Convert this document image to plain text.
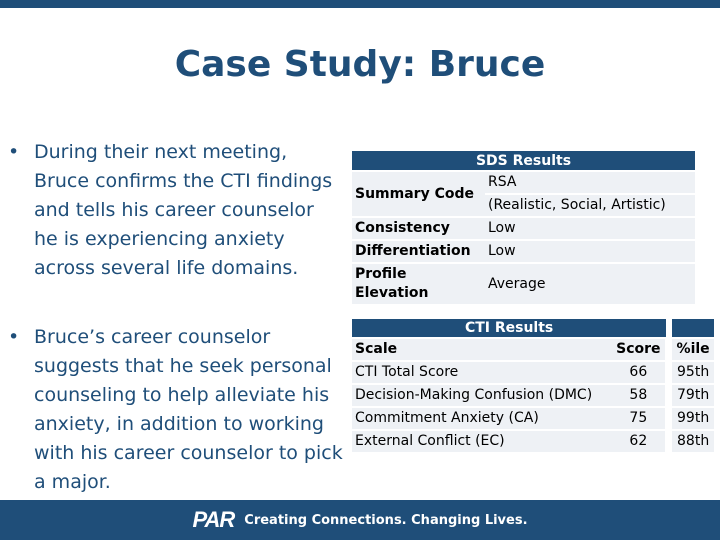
Case Study: Bruce
• During their next meeting, Bruce confirms the CTI findings and tells his career counselor he is experiencing anxiety across several life domains.
• Bruce’s career counselor suggests that he seek personal counseling to help alleviate his anxiety, in addition to working with his career counselor to pick a major.
SDS Results	
Summary Code	RSA
	(Realistic, Social, Artistic)
Consistency	Low
Differentiation	Low
Profile Elevation	Average
CTI Results			
Scale	Score			%ile
CTI Total Score	66			95th
Decision-Making Confusion (DMC)	58			79th
Commitment Anxiety (CA)	75			99th
External Conflict (EC)	62			88th
PAR Creating Connections. Changing Lives.
